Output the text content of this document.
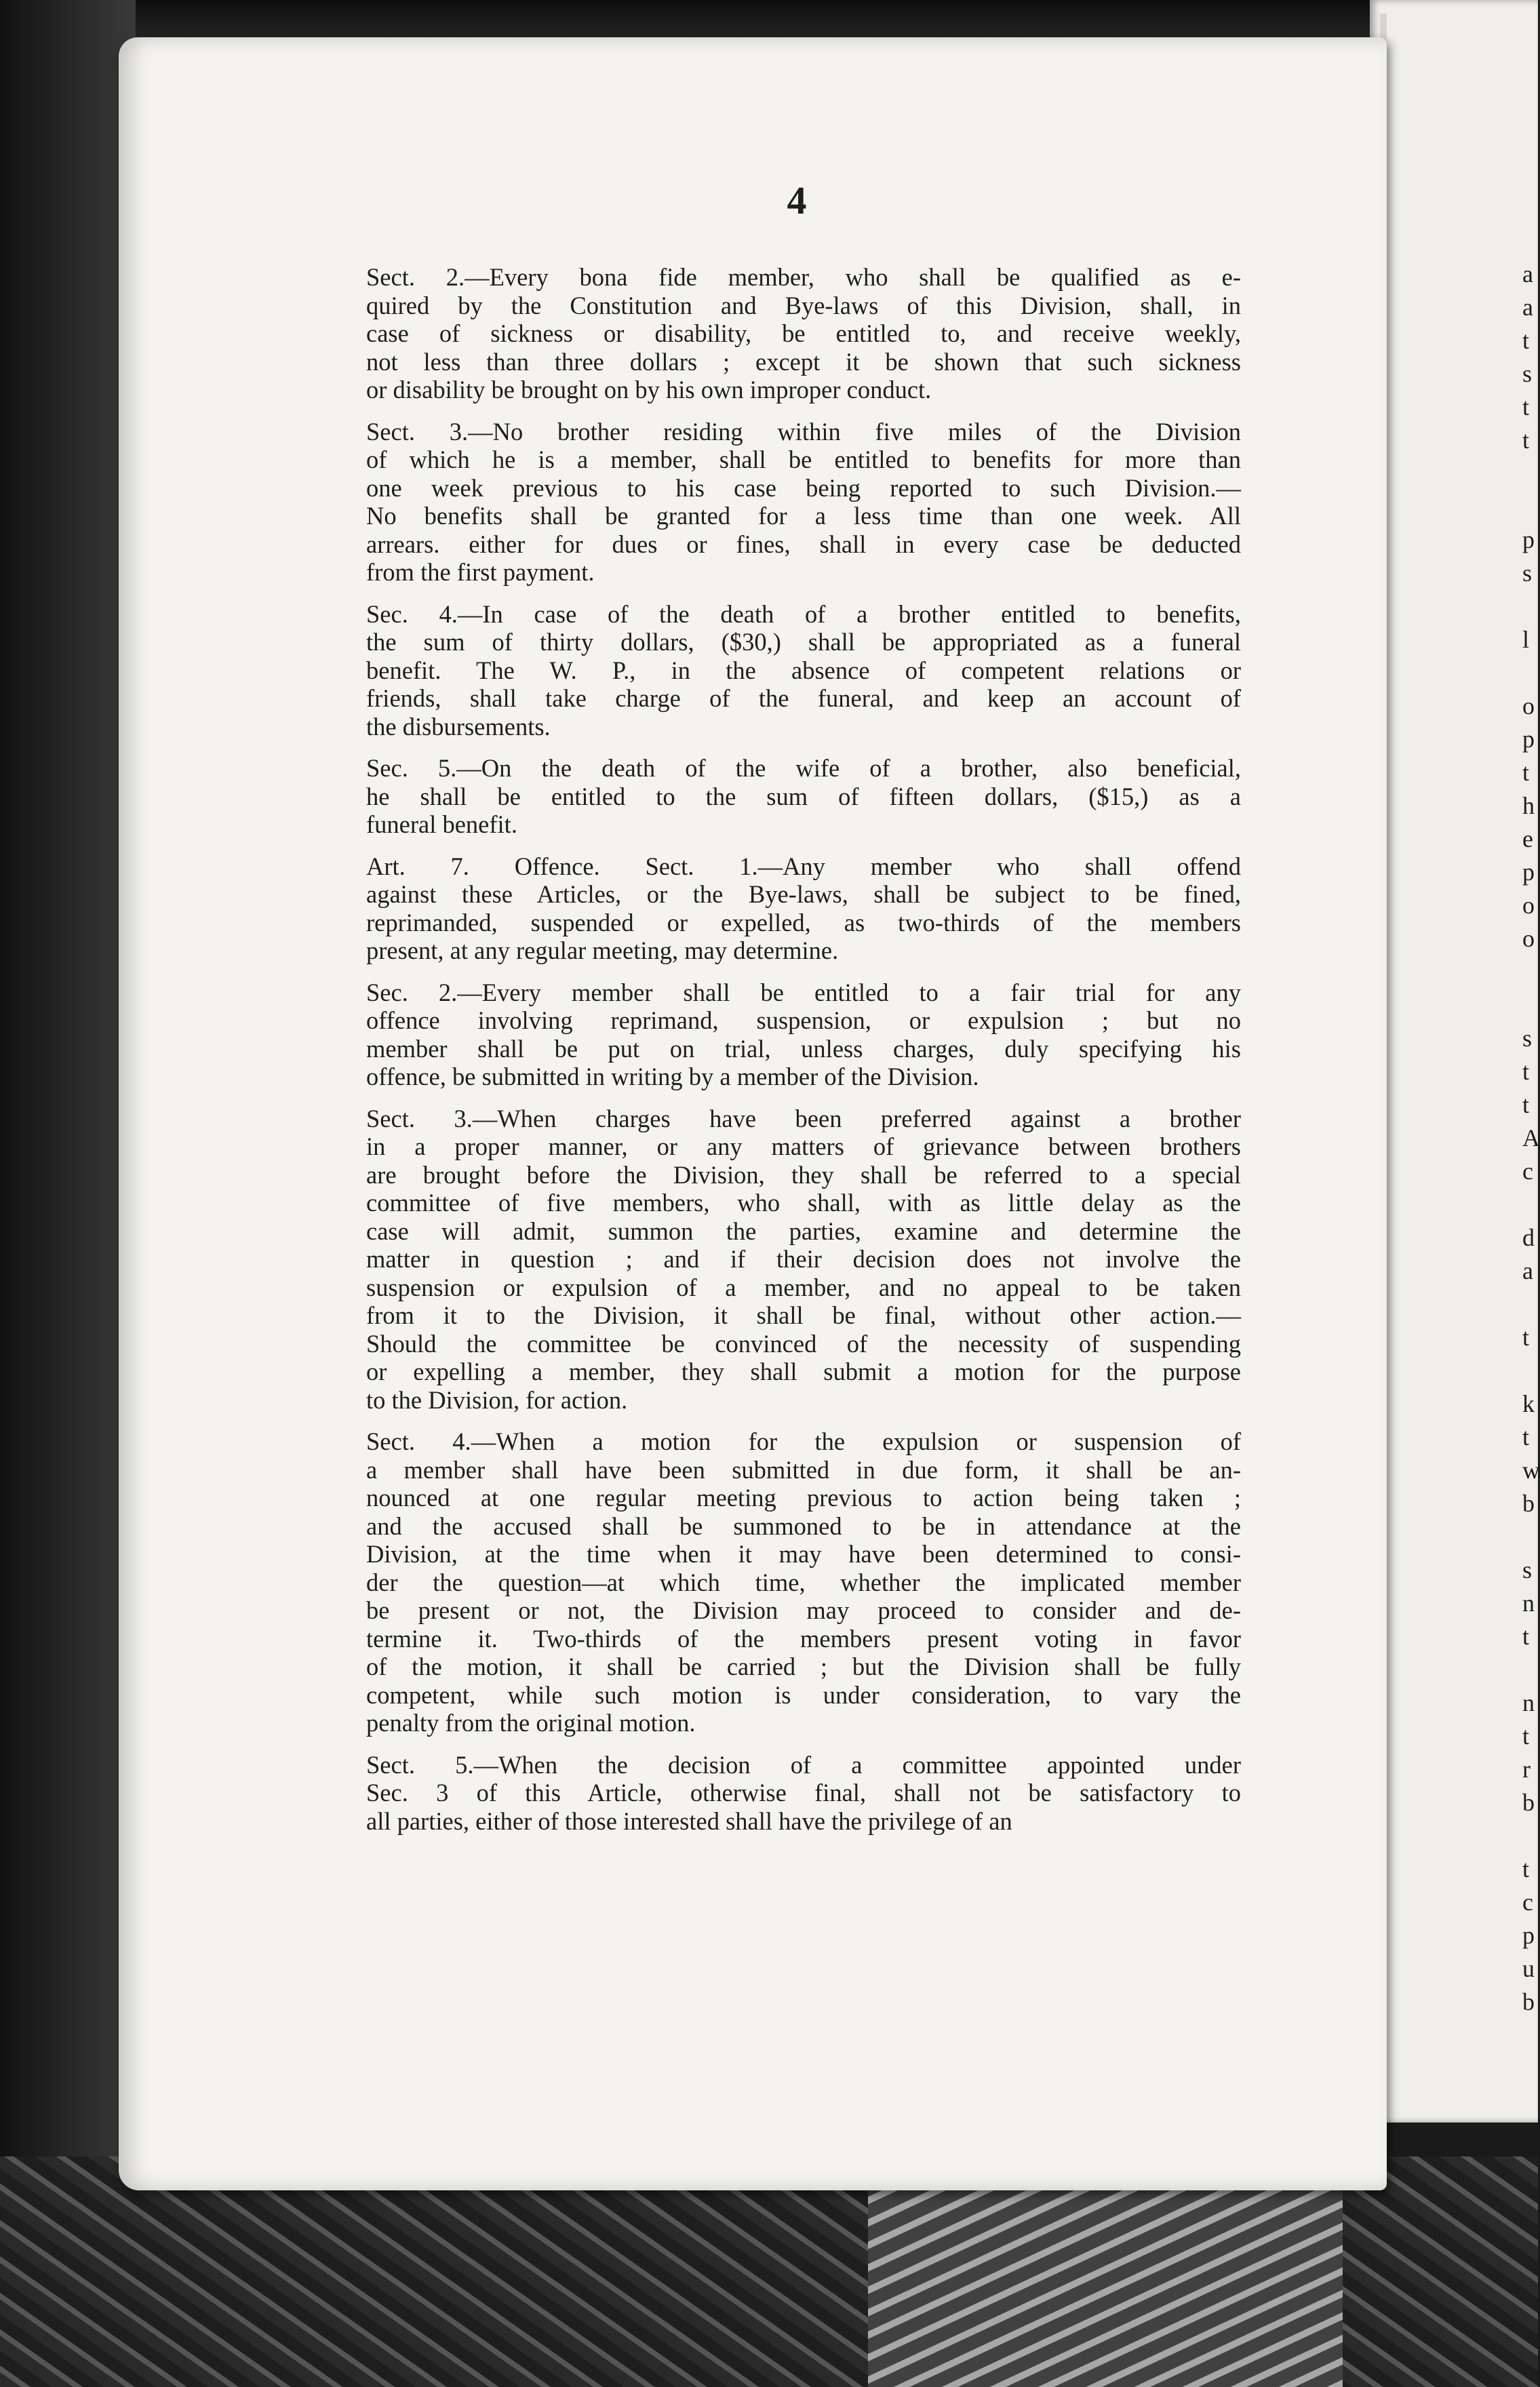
a
a
t
s
t
t
p
s
l
o
p
t
h
e
p
o
o
s
t
t
A
c
d
a
t
k
t
w
b
s
n
t
n
t
r
b
t
c
p
u
b
4
Sect. 2.—Every bona fide member, who shall be qualified as e-
quired by the Constitution and Bye-laws of this Division, shall, in
case of sickness or disability, be entitled to, and receive weekly,
not less than three dollars ; except it be shown that such sickness
or disability be brought on by his own improper conduct.
Sect. 3.—No brother residing within five miles of the Division
of which he is a member, shall be entitled to benefits for more than
one week previous to his case being reported to such Division.—
No benefits shall be granted for a less time than one week. All
arrears. either for dues or fines, shall in every case be deducted
from the first payment.
Sec. 4.—In case of the death of a brother entitled to benefits,
the sum of thirty dollars, ($30,) shall be appropriated as a funeral
benefit. The W. P., in the absence of competent relations or
friends, shall take charge of the funeral, and keep an account of
the disbursements.
Sec. 5.—On the death of the wife of a brother, also beneficial,
he shall be entitled to the sum of fifteen dollars, ($15,) as a
funeral benefit.
Art. 7. Offence. Sect. 1.—Any member who shall offend
against these Articles, or the Bye-laws, shall be subject to be fined,
reprimanded, suspended or expelled, as two-thirds of the members
present, at any regular meeting, may determine.
Sec. 2.—Every member shall be entitled to a fair trial for any
offence involving reprimand, suspension, or expulsion ; but no
member shall be put on trial, unless charges, duly specifying his
offence, be submitted in writing by a member of the Division.
Sect. 3.—When charges have been preferred against a brother
in a proper manner, or any matters of grievance between brothers
are brought before the Division, they shall be referred to a special
committee of five members, who shall, with as little delay as the
case will admit, summon the parties, examine and determine the
matter in question ; and if their decision does not involve the
suspension or expulsion of a member, and no appeal to be taken
from it to the Division, it shall be final, without other action.—
Should the committee be convinced of the necessity of suspending
or expelling a member, they shall submit a motion for the purpose
to the Division, for action.
Sect. 4.—When a motion for the expulsion or suspension of
a member shall have been submitted in due form, it shall be an-
nounced at one regular meeting previous to action being taken ;
and the accused shall be summoned to be in attendance at the
Division, at the time when it may have been determined to consi-
der the question—at which time, whether the implicated member
be present or not, the Division may proceed to consider and de-
termine it. Two-thirds of the members present voting in favor
of the motion, it shall be carried ; but the Division shall be fully
competent, while such motion is under consideration, to vary the
penalty from the original motion.
Sect. 5.—When the decision of a committee appointed under
Sec. 3 of this Article, otherwise final, shall not be satisfactory to
all parties, either of those interested shall have the privilege of an
